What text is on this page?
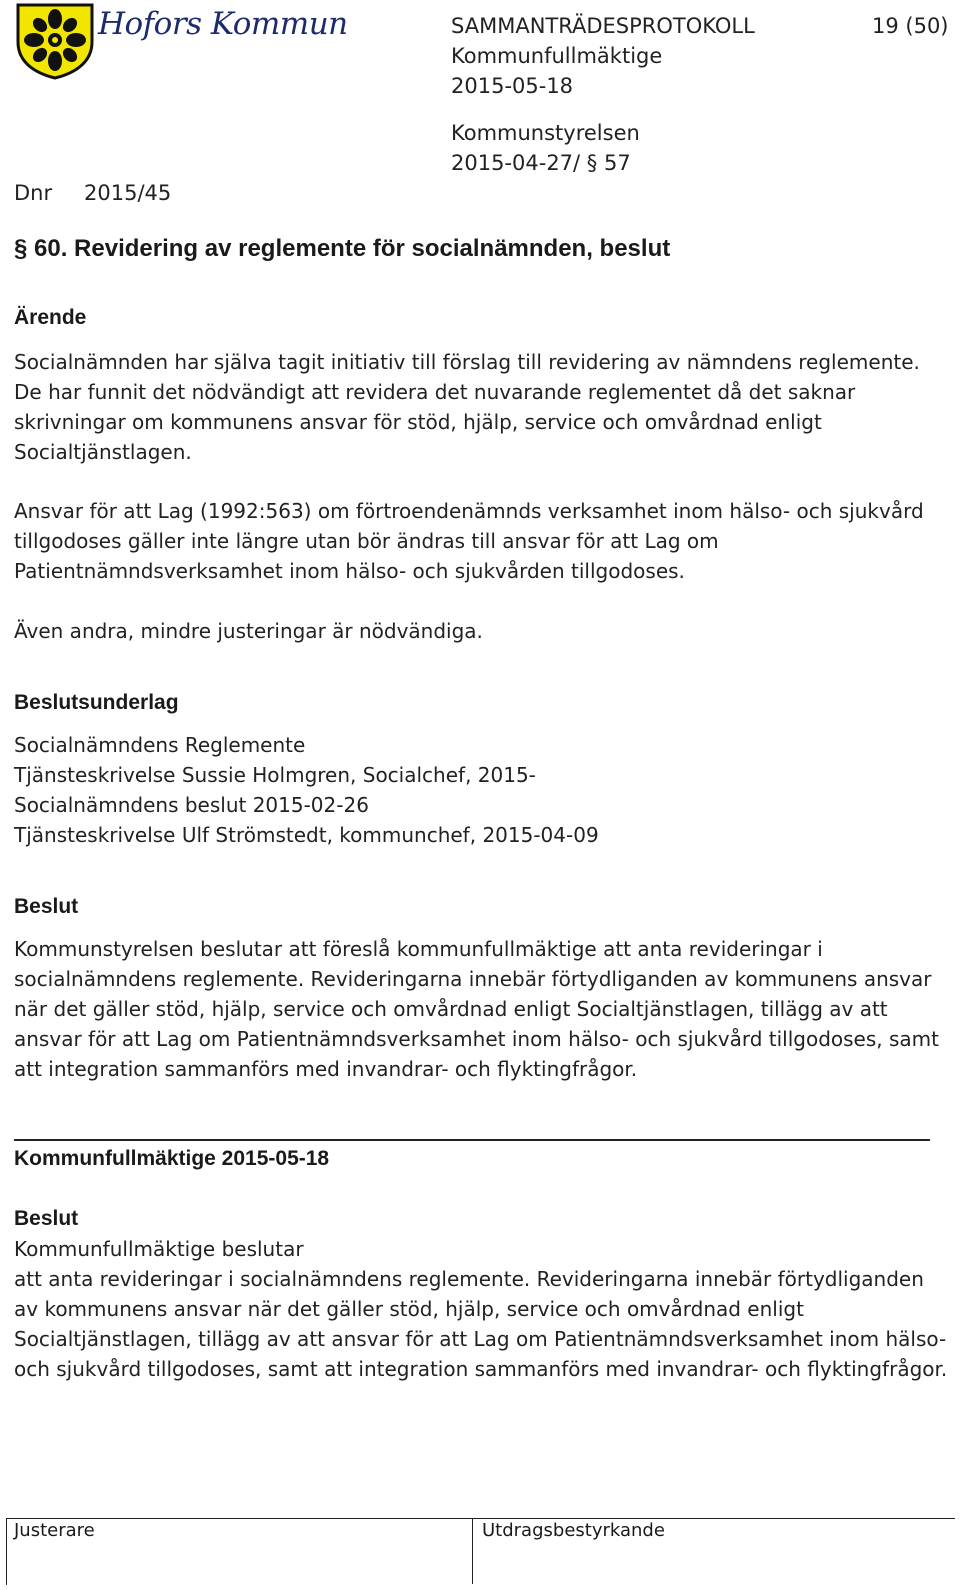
Hofors Kommun	SAMMANTRÄDESPROTOKOLL	19 (50)
Kommunfullmäktige
2015-05-18
Kommunstyrelsen
2015-04-27/ § 57
Dnr 2015/45
§ 60. Revidering av reglemente för socialnämnden, beslut
Ärende
Socialnämnden har själva tagit initiativ till förslag till revidering av nämndens reglemente.
De har funnit det nödvändigt att revidera det nuvarande reglementet då det saknar
skrivningar om kommunens ansvar för stöd, hjälp, service och omvårdnad enligt
Socialtjänstlagen.
Ansvar för att Lag (1992:563) om förtroendenämnds verksamhet inom hälso- och sjukvård
tillgodoses gäller inte längre utan bör ändras till ansvar för att Lag om
Patientnämndsverksamhet inom hälso- och sjukvården tillgodoses.
Även andra, mindre justeringar är nödvändiga.
Beslutsunderlag
Socialnämndens Reglemente
Tjänsteskrivelse Sussie Holmgren, Socialchef, 2015-
Socialnämndens beslut 2015-02-26
Tjänsteskrivelse Ulf Strömstedt, kommunchef, 2015-04-09
Beslut
Kommunstyrelsen beslutar att föreslå kommunfullmäktige att anta revideringar i
socialnämndens reglemente. Revideringarna innebär förtydliganden av kommunens ansvar
när det gäller stöd, hjälp, service och omvårdnad enligt Socialtjänstlagen, tillägg av att
ansvar för att Lag om Patientnämndsverksamhet inom hälso- och sjukvård tillgodoses, samt
att integration sammanförs med invandrar- och flyktingfrågor.
Kommunfullmäktige 2015-05-18
Beslut
Kommunfullmäktige beslutar
att anta revideringar i socialnämndens reglemente. Revideringarna innebär förtydliganden
av kommunens ansvar när det gäller stöd, hjälp, service och omvårdnad enligt
Socialtjänstlagen, tillägg av att ansvar för att Lag om Patientnämndsverksamhet inom hälso-
och sjukvård tillgodoses, samt att integration sammanförs med invandrar- och flyktingfrågor.
Justerare	Utdragsbestyrkande
